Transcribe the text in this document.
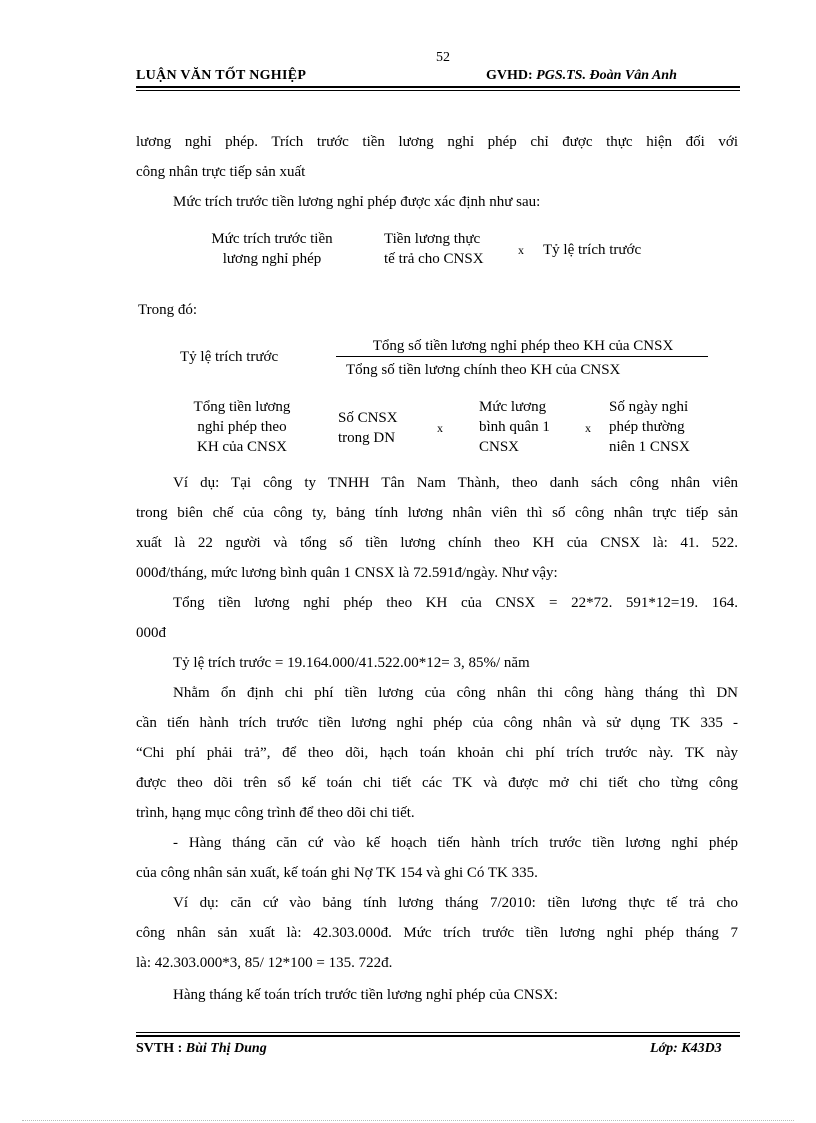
52
LUẬN VĂN TỐT NGHIỆP	GVHD: PGS.TS. Đoàn Vân Anh
lương nghỉ phép. Trích trước tiền lương nghỉ phép chỉ được thực hiện đối với
công nhân trực tiếp sản xuất
Mức trích trước tiền lương nghỉ phép được xác định như sau:
Mức trích trước tiền
lương nghỉ phép
Tiền lương thực
tế trả cho CNSX
x Tỷ lệ trích trước
Trong đó:
Tỷ lệ trích trước
Tổng số tiền lương nghỉ phép theo KH của CNSX
Tổng số tiền lương chính theo KH của CNSX
Tổng tiền lương
nghỉ phép theo
KH của CNSX
Số CNSX
trong DN
x
Mức lương
bình quân 1
CNSX
x
Số ngày nghỉ
phép thường
niên 1 CNSX
Ví dụ: Tại công ty TNHH Tân Nam Thành, theo danh sách công nhân viên
trong biên chế của công ty, bảng tính lương nhân viên thì số công nhân trực tiếp sản
xuất là 22 người và tổng số tiền lương chính theo KH của CNSX là: 41. 522.
000đ/tháng, mức lương bình quân 1 CNSX là 72.591đ/ngày. Như vậy:
Tổng tiền lương nghỉ phép theo KH của CNSX = 22*72. 591*12=19. 164.
000đ
Tỷ lệ trích trước = 19.164.000/41.522.00*12= 3, 85%/ năm
Nhằm ổn định chi phí tiền lương của công nhân thi công hàng tháng thì DN
cần tiến hành trích trước tiền lương nghỉ phép của công nhân và sử dụng TK 335 -
“Chi phí phải trả”, để theo dõi, hạch toán khoản chi phí trích trước này. TK này
được theo dõi trên sổ kế toán chi tiết các TK và được mở chi tiết cho từng công
trình, hạng mục công trình để theo dõi chi tiết.
- Hàng tháng căn cứ vào kế hoạch tiến hành trích trước tiền lương nghỉ phép
của công nhân sản xuất, kế toán ghi Nợ TK 154 và ghi Có TK 335.
Ví dụ: căn cứ vào bảng tính lương tháng 7/2010: tiền lương thực tế trả cho
công nhân sản xuất là: 42.303.000đ. Mức trích trước tiền lương nghỉ phép tháng 7
là: 42.303.000*3, 85/ 12*100 = 135. 722đ.
Hàng tháng kế toán trích trước tiền lương nghỉ phép của CNSX:
SVTH : Bùi Thị Dung	Lớp: K43D3
